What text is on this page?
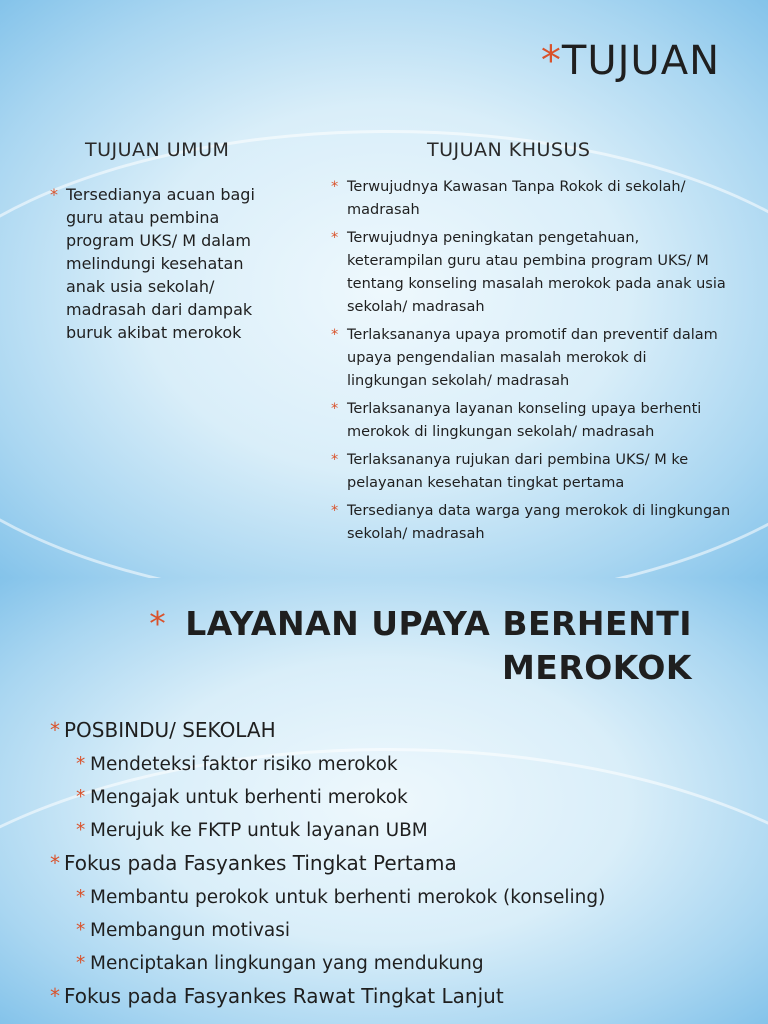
*TUJUAN
TUJUAN UMUM	TUJUAN KHUSUS
* Tersedianya acuan bagi guru atau pembina program UKS/ M dalam melindungi kesehatan anak usia sekolah/ madrasah dari dampak buruk akibat merokok
* Terwujudnya Kawasan Tanpa Rokok di sekolah/ madrasah
* Terwujudnya peningkatan pengetahuan, keterampilan guru atau pembina program UKS/ M tentang konseling masalah merokok pada anak usia sekolah/ madrasah
* Terlaksananya upaya promotif dan preventif dalam upaya pengendalian masalah merokok di lingkungan sekolah/ madrasah
* Terlaksananya layanan konseling upaya berhenti merokok di lingkungan sekolah/ madrasah
* Terlaksananya rujukan dari pembina UKS/ M ke pelayanan kesehatan tingkat pertama
* Tersedianya data warga yang merokok di lingkungan sekolah/ madrasah
* LAYANAN UPAYA BERHENTI
MEROKOK
* POSBINDU/ SEKOLAH
* Mendeteksi faktor risiko merokok
* Mengajak untuk berhenti merokok
* Merujuk ke FKTP untuk layanan UBM
* Fokus pada Fasyankes Tingkat Pertama
* Membantu perokok untuk berhenti merokok (konseling)
* Membangun motivasi
* Menciptakan lingkungan yang mendukung
* Fokus pada Fasyankes Rawat Tingkat Lanjut
